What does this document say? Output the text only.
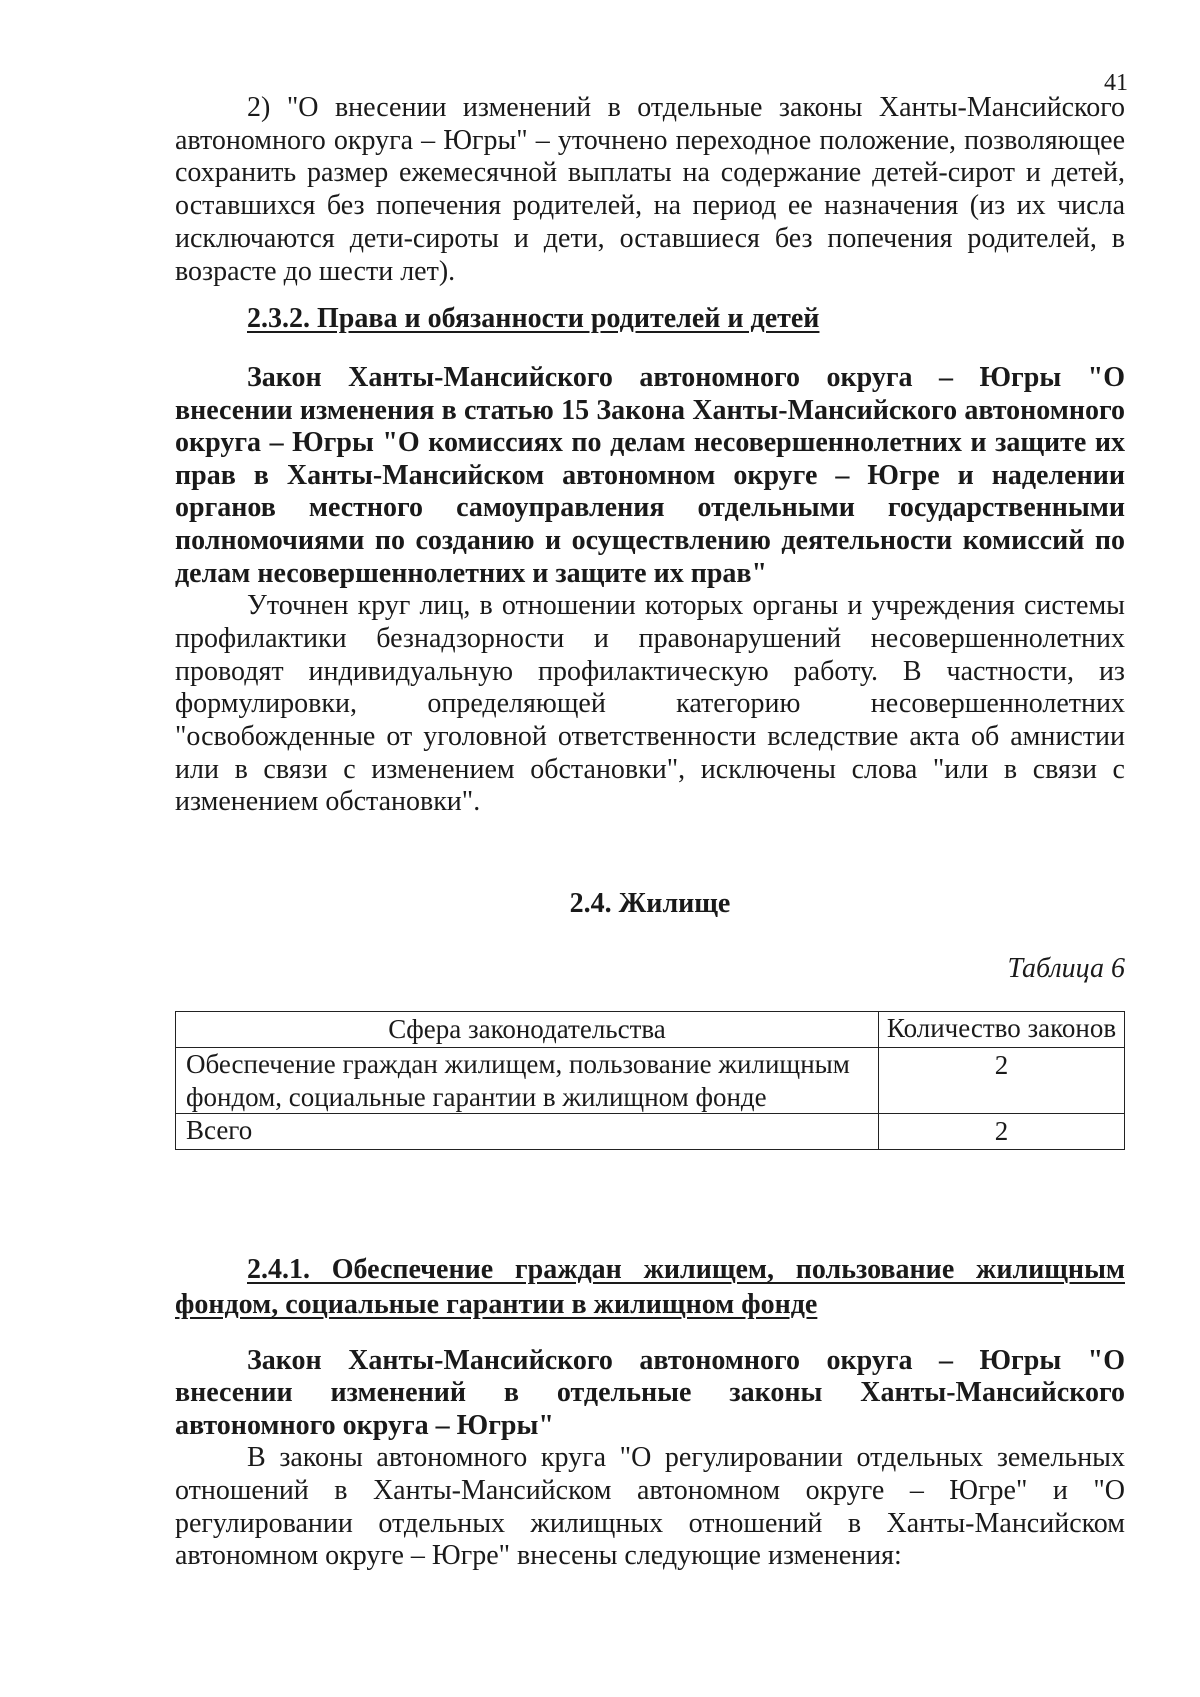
41

2) "О внесении изменений в отдельные законы Ханты-Мансийского автономного округа – Югры" – уточнено переходное положение, позволяющее сохранить размер ежемесячной выплаты на содержание детей-сирот и детей, оставшихся без попечения родителей, на период ее назначения (из их числа исключаются дети-сироты и дети, оставшиеся без попечения родителей, в возрасте до шести лет).

2.3.2. Права и обязанности родителей и детей

Закон Ханты-Мансийского автономного округа – Югры "О внесении изменения в статью 15 Закона Ханты-Мансийского автономного округа – Югры "О комиссиях по делам несовершеннолетних и защите их прав в Ханты-Мансийском автономном округе – Югре и наделении органов местного самоуправления отдельными государственными полномочиями по созданию и осуществлению деятельности комиссий по делам несовершеннолетних и защите их прав"

Уточнен круг лиц, в отношении которых органы и учреждения системы профилактики безнадзорности и правонарушений несовершеннолетних проводят индивидуальную профилактическую работу. В частности, из формулировки, определяющей категорию несовершеннолетних "освобожденные от уголовной ответственности вследствие акта об амнистии или в связи с изменением обстановки", исключены слова "или в связи с изменением обстановки".

2.4. Жилище
Таблица 6
Сфера законодательства	Количество законов
Обеспечение граждан жилищем, пользование жилищным фондом, социальные гарантии в жилищном фонде	2
Всего	2

2.4.1. Обеспечение граждан жилищем, пользование жилищным фондом, социальные гарантии в жилищном фонде

Закон Ханты-Мансийского автономного округа – Югры "О внесении изменений в отдельные законы Ханты-Мансийского автономного округа – Югры"

В законы автономного круга "О регулировании отдельных земельных отношений в Ханты-Мансийском автономном округе – Югре" и "О регулировании отдельных жилищных отношений в Ханты-Мансийском автономном округе – Югре" внесены следующие изменения:
